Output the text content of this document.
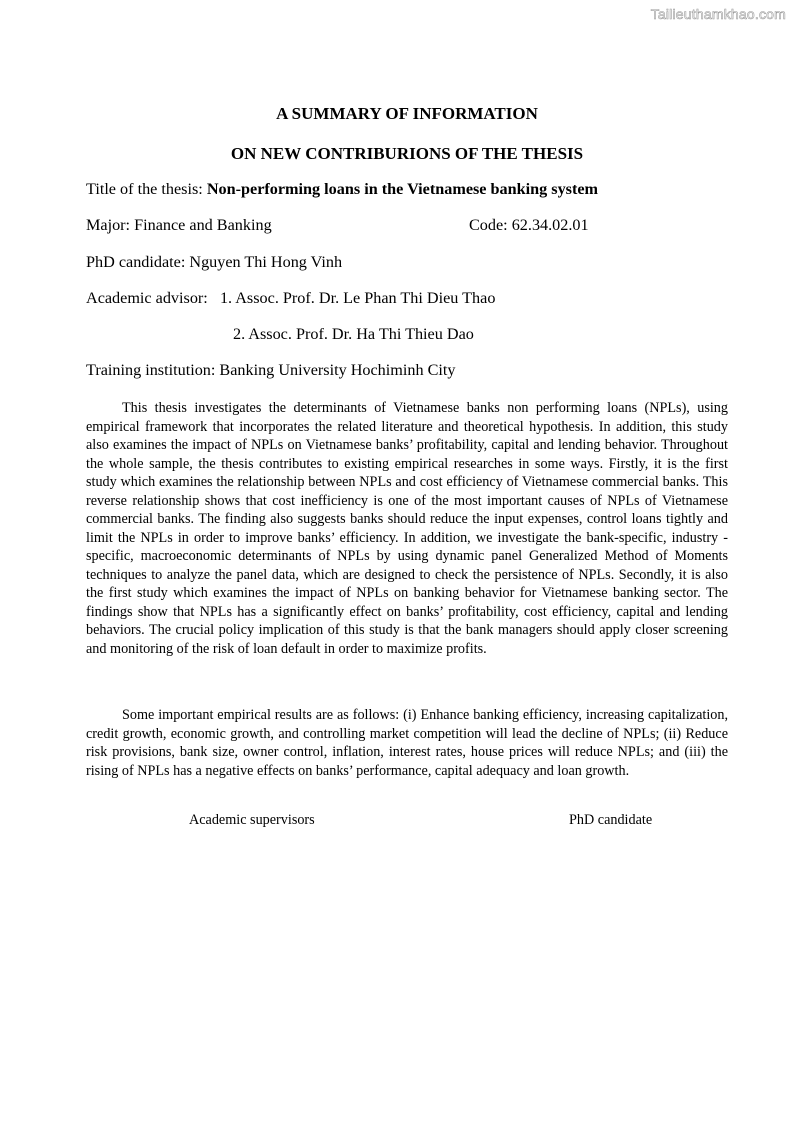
Tailieuthamkhao.com
A SUMMARY OF INFORMATION
ON NEW CONTRIBURIONS OF THE THESIS
Title of the thesis: Non-performing loans in the Vietnamese banking system
Major: Finance and Banking	Code: 62.34.02.01
PhD candidate: Nguyen Thi Hong Vinh
Academic advisor: 1. Assoc. Prof. Dr. Le Phan Thi Dieu Thao
2. Assoc. Prof. Dr. Ha Thi Thieu Dao
Training institution: Banking University Hochiminh City

This thesis investigates the determinants of Vietnamese banks non performing loans (NPLs), using empirical framework that incorporates the related literature and theoretical hypothesis. In addition, this study also examines the impact of NPLs on Vietnamese banks’ profitability, capital and lending behavior. Throughout the whole sample, the thesis contributes to existing empirical researches in some ways. Firstly, it is the first study which examines the relationship between NPLs and cost efficiency of Vietnamese commercial banks. This reverse relationship shows that cost inefficiency is one of the most important causes of NPLs of Vietnamese commercial banks. The finding also suggests banks should reduce the input expenses, control loans tightly and limit the NPLs in order to improve banks’ efficiency. In addition, we investigate the bank-specific, industry - specific, macroeconomic determinants of NPLs by using dynamic panel Generalized Method of Moments techniques to analyze the panel data, which are designed to check the persistence of NPLs. Secondly, it is also the first study which examines the impact of NPLs on banking behavior for Vietnamese banking sector. The findings show that NPLs has a significantly effect on banks’ profitability, cost efficiency, capital and lending behaviors. The crucial policy implication of this study is that the bank managers should apply closer screening and monitoring of the risk of loan default in order to maximize profits.

Some important empirical results are as follows: (i) Enhance banking efficiency, increasing capitalization, credit growth, economic growth, and controlling market competition will lead the decline of NPLs; (ii) Reduce risk provisions, bank size, owner control, inflation, interest rates, house prices will reduce NPLs; and (iii) the rising of NPLs has a negative effects on banks’ performance, capital adequacy and loan growth.

Academic supervisors	PhD candidate
